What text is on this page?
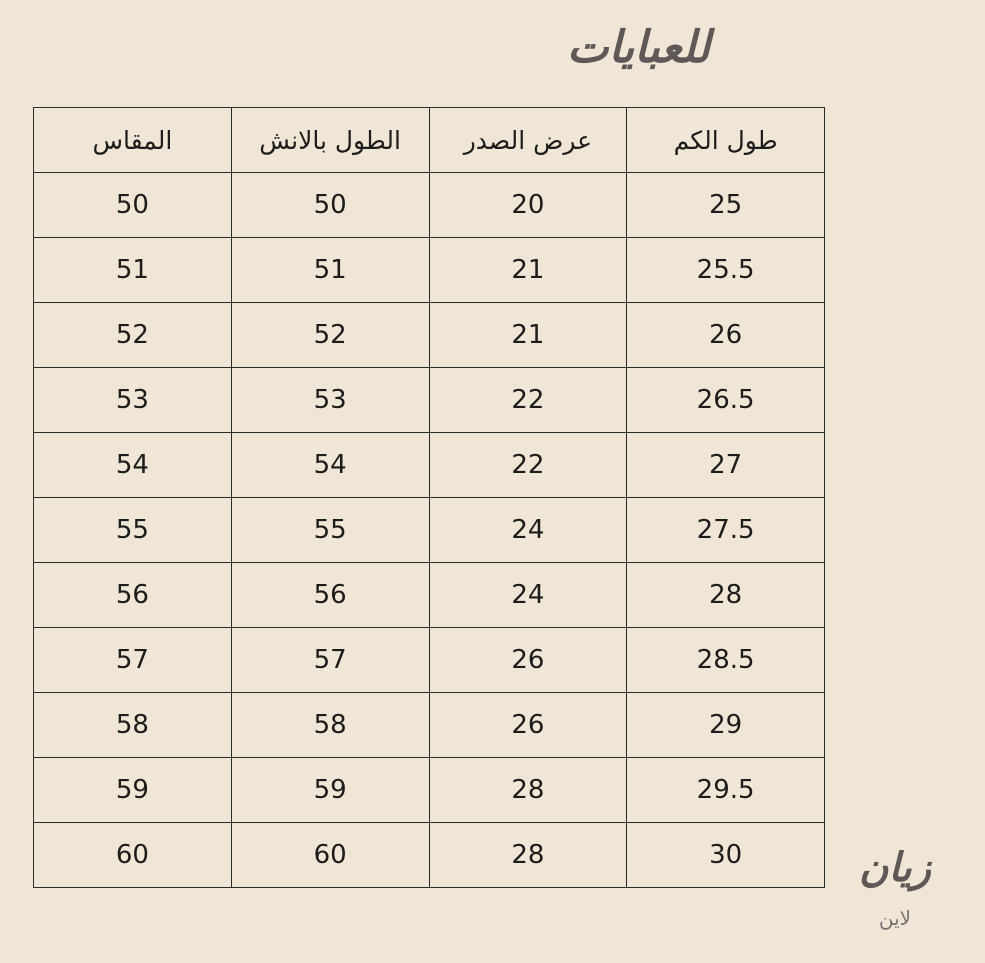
للعبايات
المقاس	الطول بالانش	عرض الصدر	طول الكم
50	50	20	25
51	51	21	25.5
52	52	21	26
53	53	22	26.5
54	54	22	27
55	55	24	27.5
56	56	24	28
57	57	26	28.5
58	58	26	29
59	59	28	29.5
60	60	28	30	زيان
لاين
